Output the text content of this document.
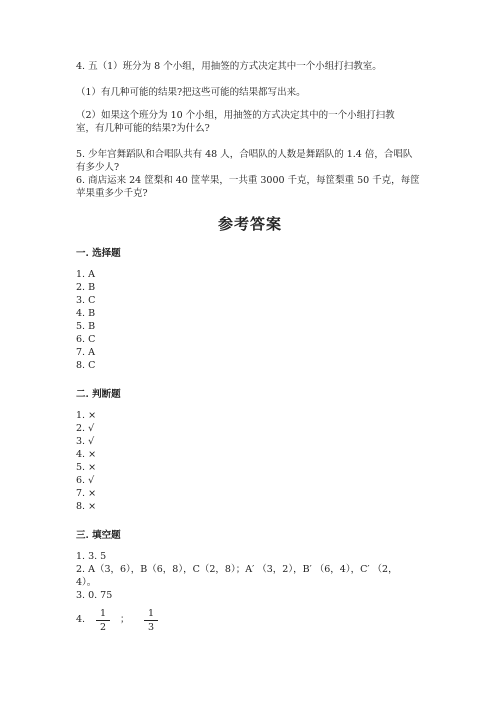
4. 五（1）班分为 8 个小组，用抽签的方式决定其中一个小组打扫教室。
（1）有几种可能的结果?把这些可能的结果都写出来。
（2）如果这个班分为 10 个小组，用抽签的方式决定其中的一个小组打扫教
室，有几种可能的结果?为什么?
5. 少年宫舞蹈队和合唱队共有 48 人，合唱队的人数是舞蹈队的 1.4 倍，合唱队
有多少人?
6. 商店运来 24 筐梨和 40 筐苹果，一共重 3000 千克，每筐梨重 50 千克，每筐
苹果重多少千克?
参考答案
一. 选择题
1. A
2. B
3. C
4. B
5. B
6. C
7. A
8. C
二. 判断题
1. ×
2. √
3. √
4. ×
5. ×
6. √
7. ×
8. ×
三. 填空题
1. 3. 5
2. A（3，6），B（6，8），C（2，8）；A′ （3，2），B′ （6，4），C′ （2，
4）。
3. 0. 75
4.
1
2
；
1
3
